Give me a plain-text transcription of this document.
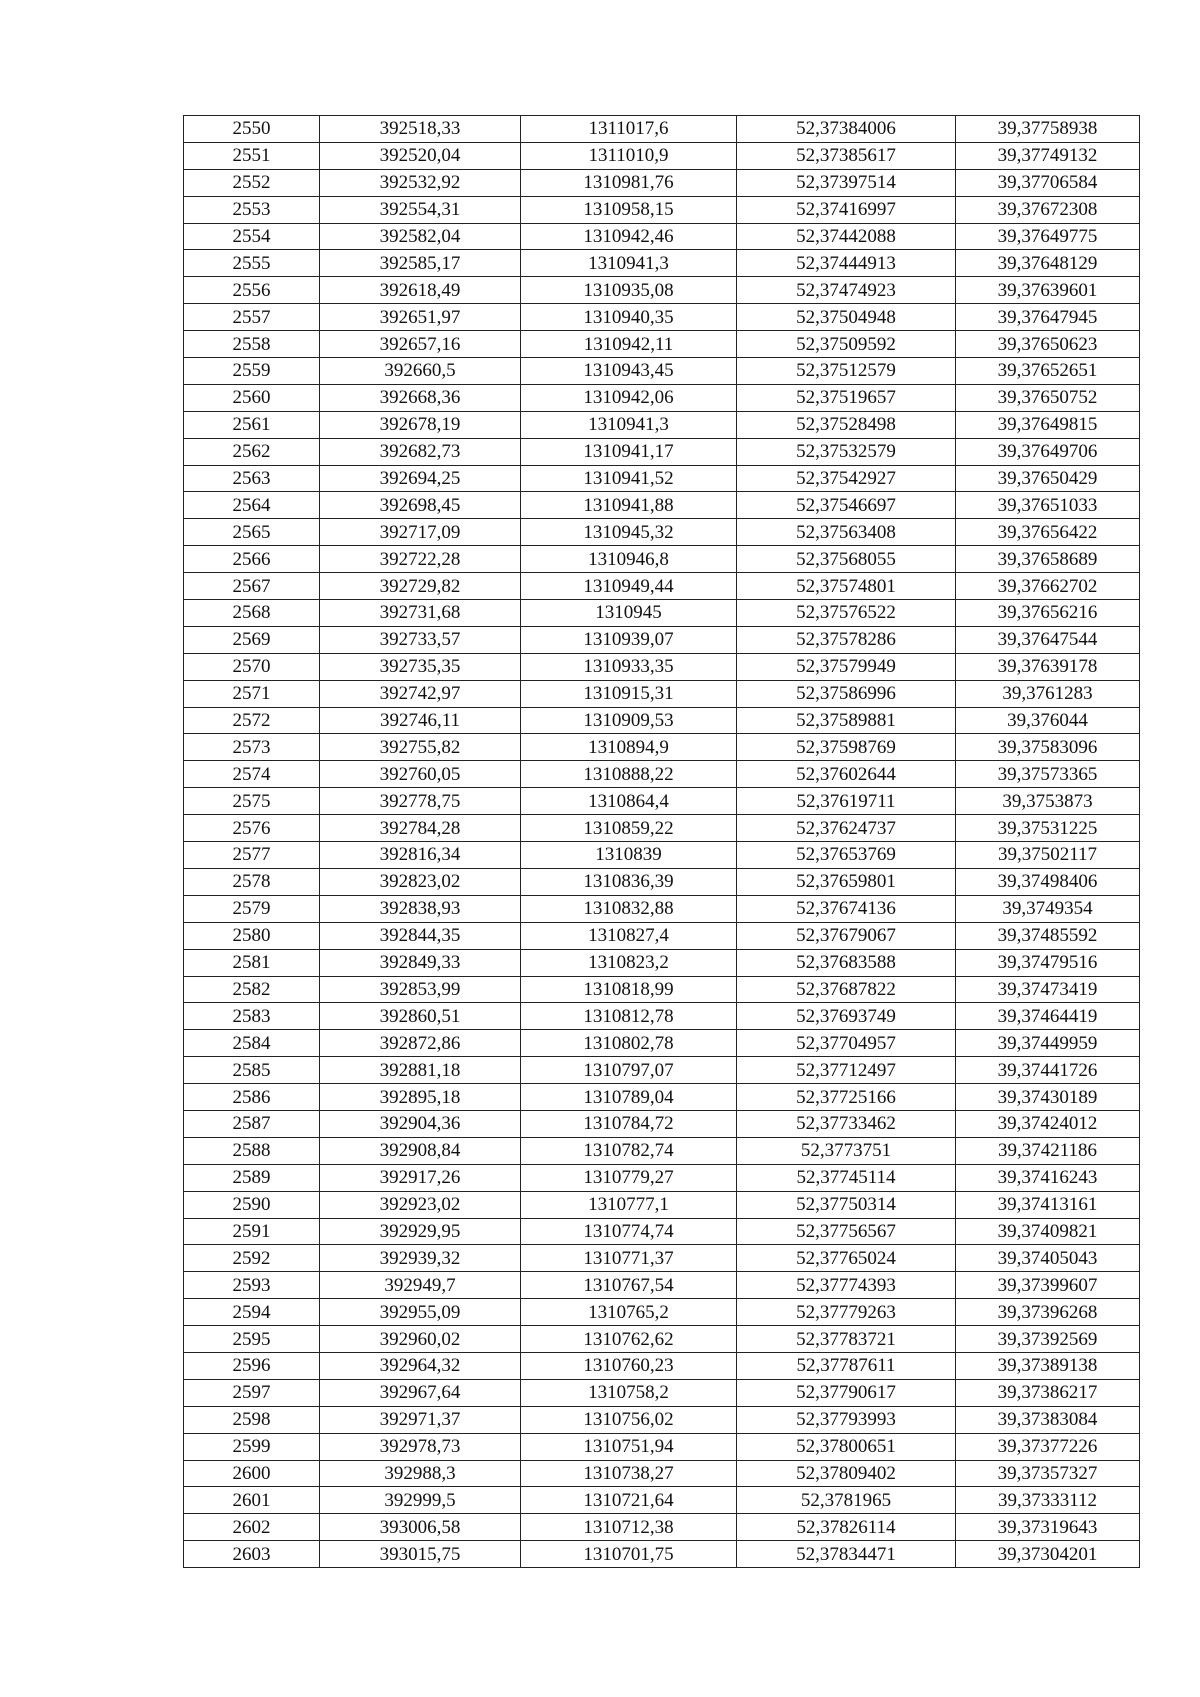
2550	392518,33	1311017,6	52,37384006	39,37758938
2551	392520,04	1311010,9	52,37385617	39,37749132
2552	392532,92	1310981,76	52,37397514	39,37706584
2553	392554,31	1310958,15	52,37416997	39,37672308
2554	392582,04	1310942,46	52,37442088	39,37649775
2555	392585,17	1310941,3	52,37444913	39,37648129
2556	392618,49	1310935,08	52,37474923	39,37639601
2557	392651,97	1310940,35	52,37504948	39,37647945
2558	392657,16	1310942,11	52,37509592	39,37650623
2559	392660,5	1310943,45	52,37512579	39,37652651
2560	392668,36	1310942,06	52,37519657	39,37650752
2561	392678,19	1310941,3	52,37528498	39,37649815
2562	392682,73	1310941,17	52,37532579	39,37649706
2563	392694,25	1310941,52	52,37542927	39,37650429
2564	392698,45	1310941,88	52,37546697	39,37651033
2565	392717,09	1310945,32	52,37563408	39,37656422
2566	392722,28	1310946,8	52,37568055	39,37658689
2567	392729,82	1310949,44	52,37574801	39,37662702
2568	392731,68	1310945	52,37576522	39,37656216
2569	392733,57	1310939,07	52,37578286	39,37647544
2570	392735,35	1310933,35	52,37579949	39,37639178
2571	392742,97	1310915,31	52,37586996	39,3761283
2572	392746,11	1310909,53	52,37589881	39,376044
2573	392755,82	1310894,9	52,37598769	39,37583096
2574	392760,05	1310888,22	52,37602644	39,37573365
2575	392778,75	1310864,4	52,37619711	39,3753873
2576	392784,28	1310859,22	52,37624737	39,37531225
2577	392816,34	1310839	52,37653769	39,37502117
2578	392823,02	1310836,39	52,37659801	39,37498406
2579	392838,93	1310832,88	52,37674136	39,3749354
2580	392844,35	1310827,4	52,37679067	39,37485592
2581	392849,33	1310823,2	52,37683588	39,37479516
2582	392853,99	1310818,99	52,37687822	39,37473419
2583	392860,51	1310812,78	52,37693749	39,37464419
2584	392872,86	1310802,78	52,37704957	39,37449959
2585	392881,18	1310797,07	52,37712497	39,37441726
2586	392895,18	1310789,04	52,37725166	39,37430189
2587	392904,36	1310784,72	52,37733462	39,37424012
2588	392908,84	1310782,74	52,3773751	39,37421186
2589	392917,26	1310779,27	52,37745114	39,37416243
2590	392923,02	1310777,1	52,37750314	39,37413161
2591	392929,95	1310774,74	52,37756567	39,37409821
2592	392939,32	1310771,37	52,37765024	39,37405043
2593	392949,7	1310767,54	52,37774393	39,37399607
2594	392955,09	1310765,2	52,37779263	39,37396268
2595	392960,02	1310762,62	52,37783721	39,37392569
2596	392964,32	1310760,23	52,37787611	39,37389138
2597	392967,64	1310758,2	52,37790617	39,37386217
2598	392971,37	1310756,02	52,37793993	39,37383084
2599	392978,73	1310751,94	52,37800651	39,37377226
2600	392988,3	1310738,27	52,37809402	39,37357327
2601	392999,5	1310721,64	52,3781965	39,37333112
2602	393006,58	1310712,38	52,37826114	39,37319643
2603	393015,75	1310701,75	52,37834471	39,37304201
